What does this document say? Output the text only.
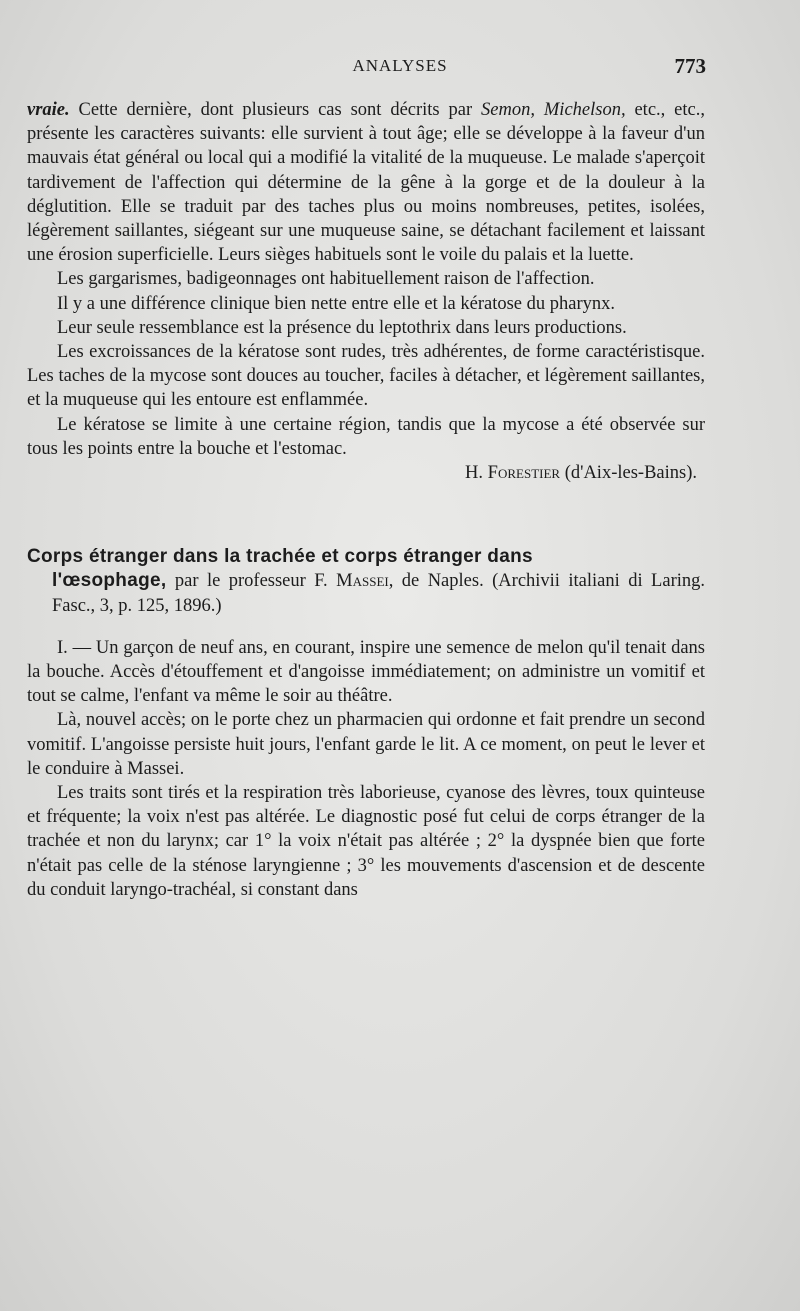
ANALYSES	773

vraie. Cette dernière, dont plusieurs cas sont décrits par Semon, Michelson, etc., etc., présente les caractères suivants: elle survient à tout âge; elle se développe à la faveur d'un mauvais état général ou local qui a modifié la vitalité de la muqueuse. Le malade s'aperçoit tardivement de l'affection qui détermine de la gêne à la gorge et de la douleur à la déglutition. Elle se traduit par des taches plus ou moins nombreuses, petites, isolées, légèrement saillantes, siégeant sur une muqueuse saine, se détachant facilement et laissant une érosion superficielle. Leurs sièges habituels sont le voile du palais et la luette.

Les gargarismes, badigeonnages ont habituellement raison de l'affection.

Il y a une différence clinique bien nette entre elle et la kératose du pharynx.

Leur seule ressemblance est la présence du leptothrix dans leurs productions.

Les excroissances de la kératose sont rudes, très adhérentes, de forme caractéristisque. Les taches de la mycose sont douces au toucher, faciles à détacher, et légèrement saillantes, et la muqueuse qui les entoure est enflammée.

Le kératose se limite à une certaine région, tandis que la mycose a été observée sur tous les points entre la bouche et l'estomac.

H. Forestier (d'Aix-les-Bains).

Corps étranger dans la trachée et corps étranger dans
l'œsophage, par le professeur F. Massei, de Naples. (Archivii italiani di Laring. Fasc., 3, p. 125, 1896.)

I. — Un garçon de neuf ans, en courant, inspire une semence de melon qu'il tenait dans la bouche. Accès d'étouffement et d'angoisse immédiatement; on administre un vomitif et tout se calme, l'enfant va même le soir au théâtre.

Là, nouvel accès; on le porte chez un pharmacien qui ordonne et fait prendre un second vomitif. L'angoisse persiste huit jours, l'enfant garde le lit. A ce moment, on peut le lever et le conduire à Massei.

Les traits sont tirés et la respiration très laborieuse, cyanose des lèvres, toux quinteuse et fréquente; la voix n'est pas altérée. Le diagnostic posé fut celui de corps étranger de la trachée et non du larynx; car 1° la voix n'était pas altérée ; 2° la dyspnée bien que forte n'était pas celle de la sténose laryngienne ; 3° les mouvements d'ascension et de descente du conduit laryngo-trachéal, si constant dans
